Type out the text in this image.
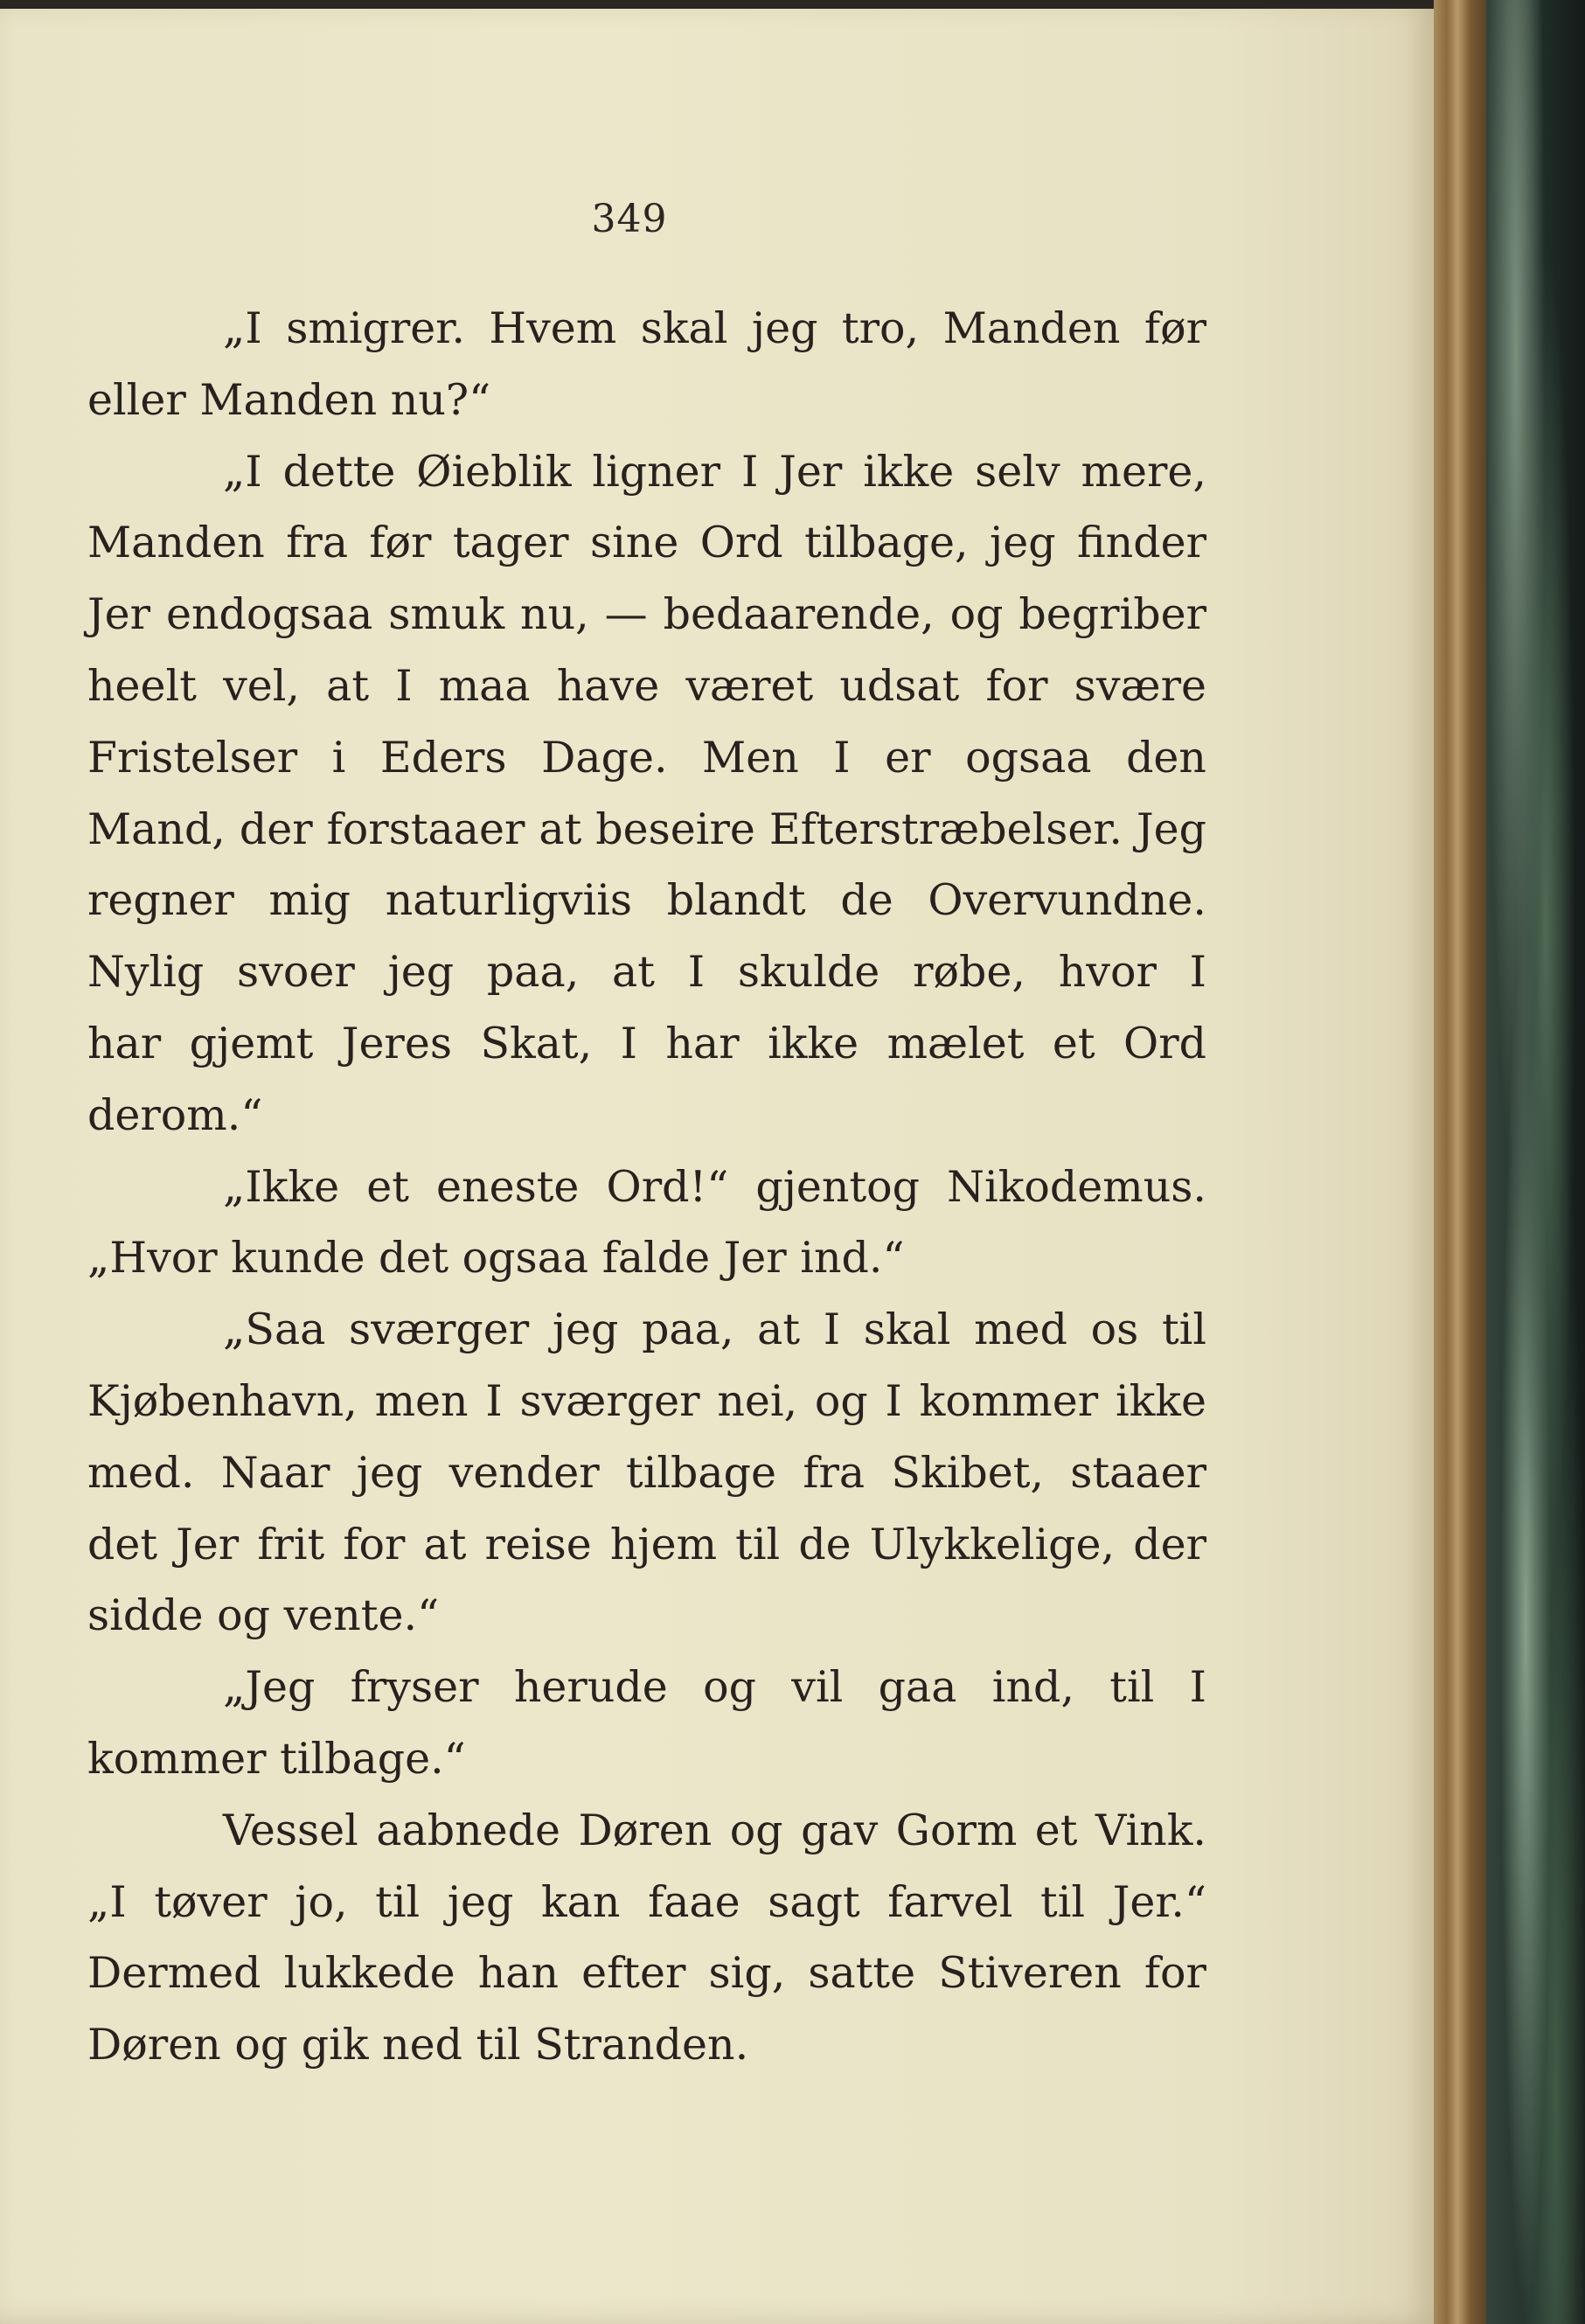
349
„I smigrer. Hvem skal jeg tro, Manden før
eller Manden nu?“
„I dette Øieblik ligner I Jer ikke selv mere,
Manden fra før tager sine Ord tilbage, jeg finder
Jer endogsaa smuk nu, — bedaarende, og begriber
heelt vel, at I maa have været udsat for svære
Fristelser i Eders Dage. Men I er ogsaa den
Mand, der forstaaer at beseire Efterstræbelser. Jeg
regner mig naturligviis blandt de Overvundne.
Nylig svoer jeg paa, at I skulde røbe, hvor I
har gjemt Jeres Skat, I har ikke mælet et Ord
derom.“
„Ikke et eneste Ord!“ gjentog Nikodemus.
„Hvor kunde det ogsaa falde Jer ind.“
„Saa sværger jeg paa, at I skal med os til
Kjøbenhavn, men I sværger nei, og I kommer ikke
med. Naar jeg vender tilbage fra Skibet, staaer
det Jer frit for at reise hjem til de Ulykkelige, der
sidde og vente.“
„Jeg fryser herude og vil gaa ind, til I
kommer tilbage.“
Vessel aabnede Døren og gav Gorm et Vink.
„I tøver jo, til jeg kan faae sagt farvel til Jer.“
Dermed lukkede han efter sig, satte Stiveren for
Døren og gik ned til Stranden.
